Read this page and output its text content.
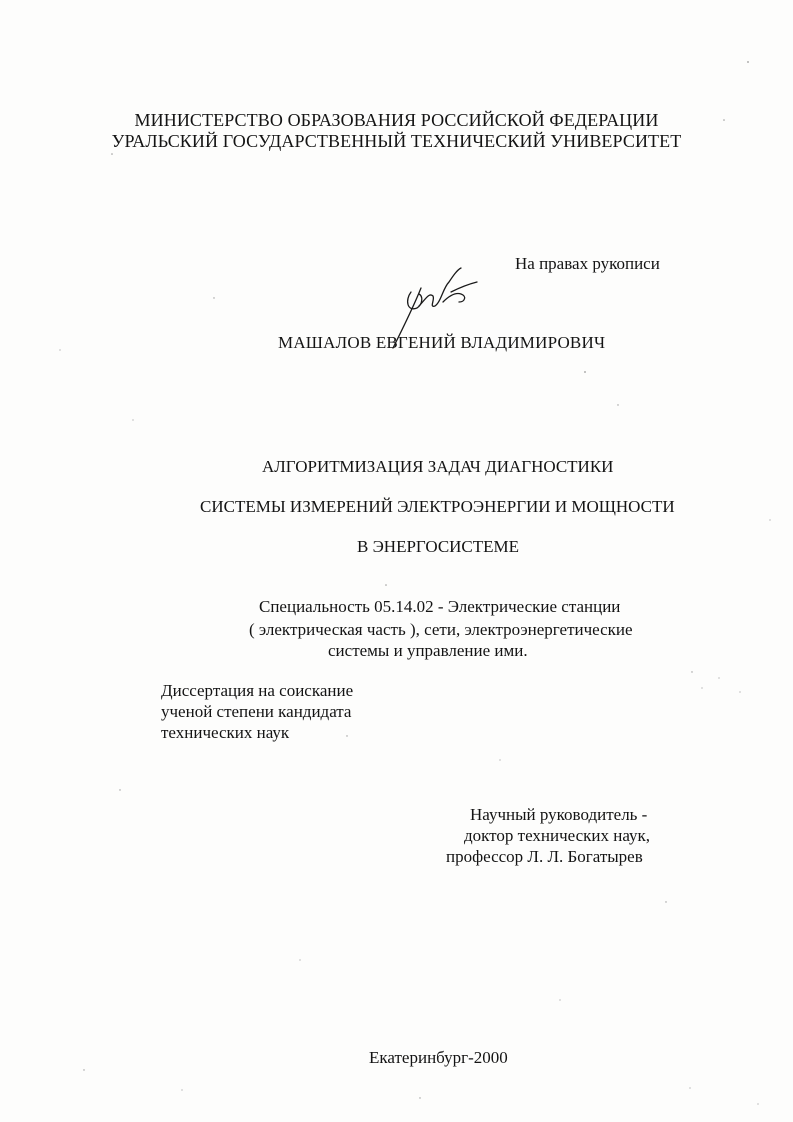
МИНИСТЕРСТВО ОБРАЗОВАНИЯ РОССИЙСКОЙ ФЕДЕРАЦИИ
УРАЛЬСКИЙ ГОСУДАРСТВЕННЫЙ ТЕХНИЧЕСКИЙ УНИВЕРСИТЕТ
На правах рукописи
МАШАЛОВ ЕВГЕНИЙ ВЛАДИМИРОВИЧ
АЛГОРИТМИЗАЦИЯ ЗАДАЧ ДИАГНОСТИКИ
СИСТЕМЫ ИЗМЕРЕНИЙ ЭЛЕКТРОЭНЕРГИИ И МОЩНОСТИ
В ЭНЕРГОСИСТЕМЕ
Специальность 05.14.02 - Электрические станции
( электрическая часть ), сети, электроэнергетические
системы и управление ими.
Диссертация на соискание
ученой степени кандидата
технических наук
Научный руководитель -
доктор технических наук,
профессор Л. Л. Богатырев
Екатеринбург-2000
